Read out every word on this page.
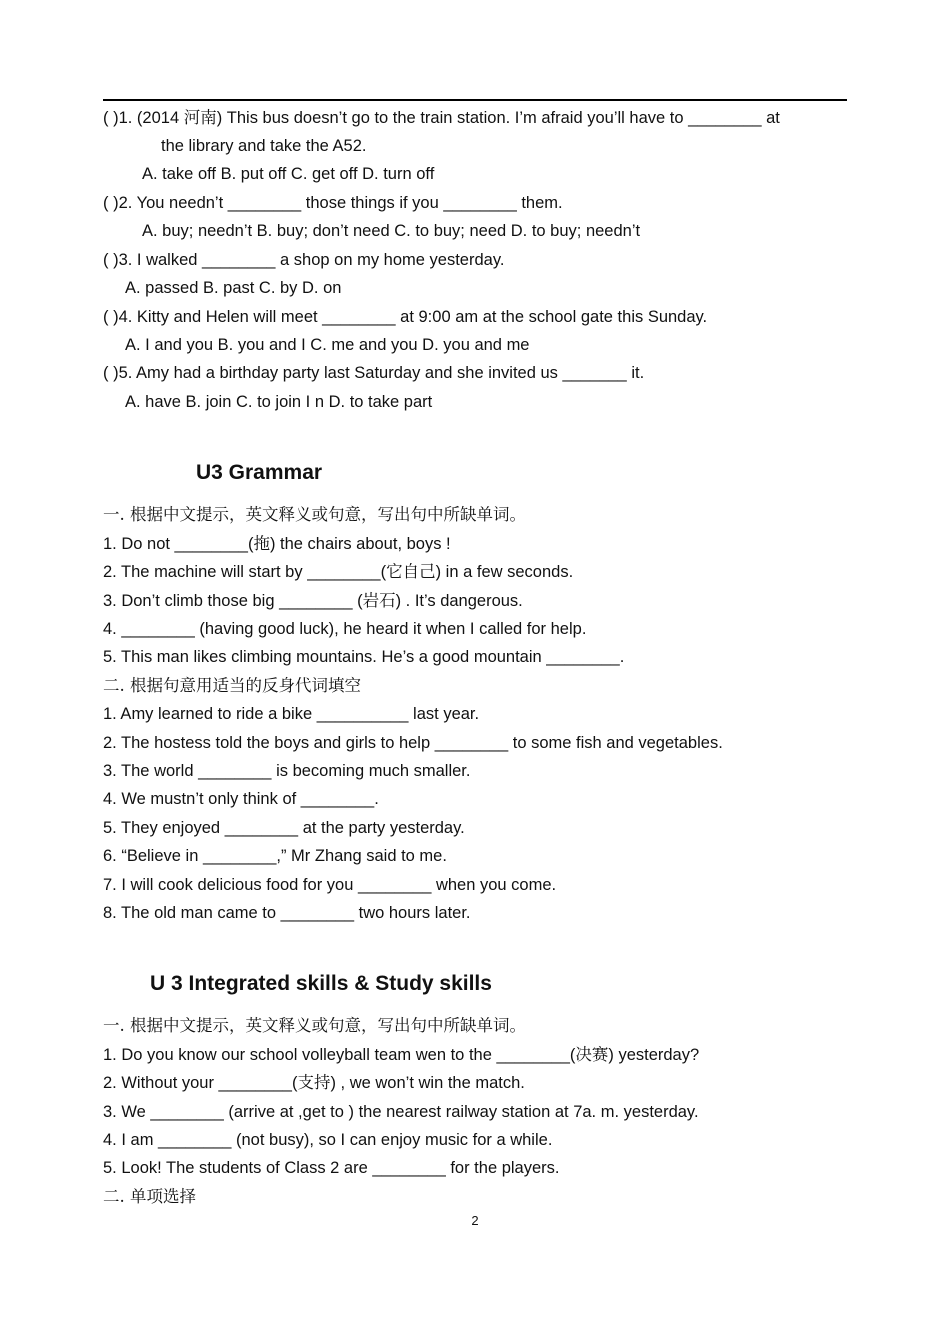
( )1. (2014 河南) This bus doesn’t go to the train station. I’m afraid you’ll have to ________ at
the library and take the A52.
A. take off B. put off C. get off D. turn off
( )2. You needn’t ________ those things if you ________ them.
A. buy; needn’t B. buy; don’t need C. to buy; need D. to buy; needn’t
( )3. I walked ________ a shop on my home yesterday.
A. passed B. past C. by D. on
( )4. Kitty and Helen will meet ________ at 9:00 am at the school gate this Sunday.
A. I and you B. you and I C. me and you D. you and me
( )5. Amy had a birthday party last Saturday and she invited us _______ it.
A. have B. join C. to join I n D. to take part
U3 Grammar
一. 根据中文提示，英文释义或句意，写出句中所缺单词。
1. Do not ________(拖) the chairs about, boys !
2. The machine will start by ________(它自己) in a few seconds.
3. Don’t climb those big ________ (岩石) . It’s dangerous.
4. ________ (having good luck), he heard it when I called for help.
5. This man likes climbing mountains. He’s a good mountain ________.
二. 根据句意用适当的反身代词填空
1. Amy learned to ride a bike __________ last year.
2. The hostess told the boys and girls to help ________ to some fish and vegetables.
3. The world ________ is becoming much smaller.
4. We mustn’t only think of ________.
5. They enjoyed ________ at the party yesterday.
6. “Believe in ________,” Mr Zhang said to me.
7. I will cook delicious food for you ________ when you come.
8. The old man came to ________ two hours later.
U 3 Integrated skills & Study skills
一. 根据中文提示，英文释义或句意，写出句中所缺单词。
1. Do you know our school volleyball team wen to the ________(决赛) yesterday?
2. Without your ________(支持) , we won’t win the match.
3. We ________ (arrive at ,get to ) the nearest railway station at 7a. m. yesterday.
4. I am ________ (not busy), so I can enjoy music for a while.
5. Look! The students of Class 2 are ________ for the players.
二. 单项选择
2
